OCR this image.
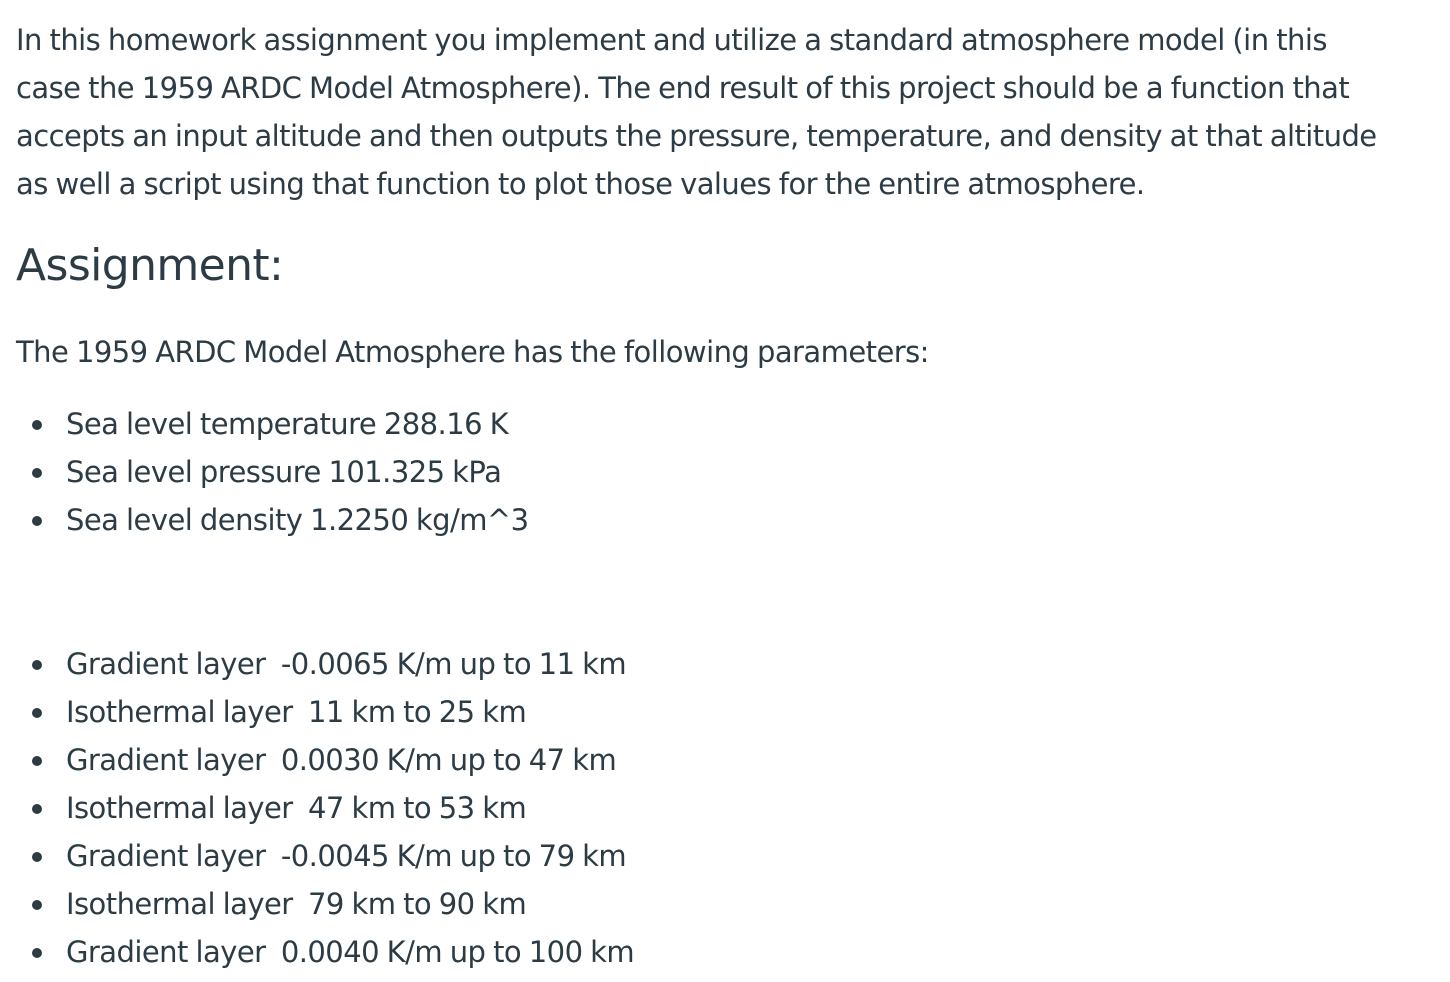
In this homework assignment you implement and utilize a standard atmosphere model (in this case the 1959 ARDC Model Atmosphere). The end result of this project should be a function that accepts an input altitude and then outputs the pressure, temperature, and density at that altitude as well a script using that function to plot those values for the entire atmosphere.

Assignment:

The 1959 ARDC Model Atmosphere has the following parameters:

Sea level temperature 288.16 K
Sea level pressure 101.325 kPa
Sea level density 1.2250 kg/m^3
Gradient layer  -0.0065 K/m up to 11 km
Isothermal layer  11 km to 25 km
Gradient layer  0.0030 K/m up to 47 km
Isothermal layer  47 km to 53 km
Gradient layer  -0.0045 K/m up to 79 km
Isothermal layer  79 km to 90 km
Gradient layer  0.0040 K/m up to 100 km
